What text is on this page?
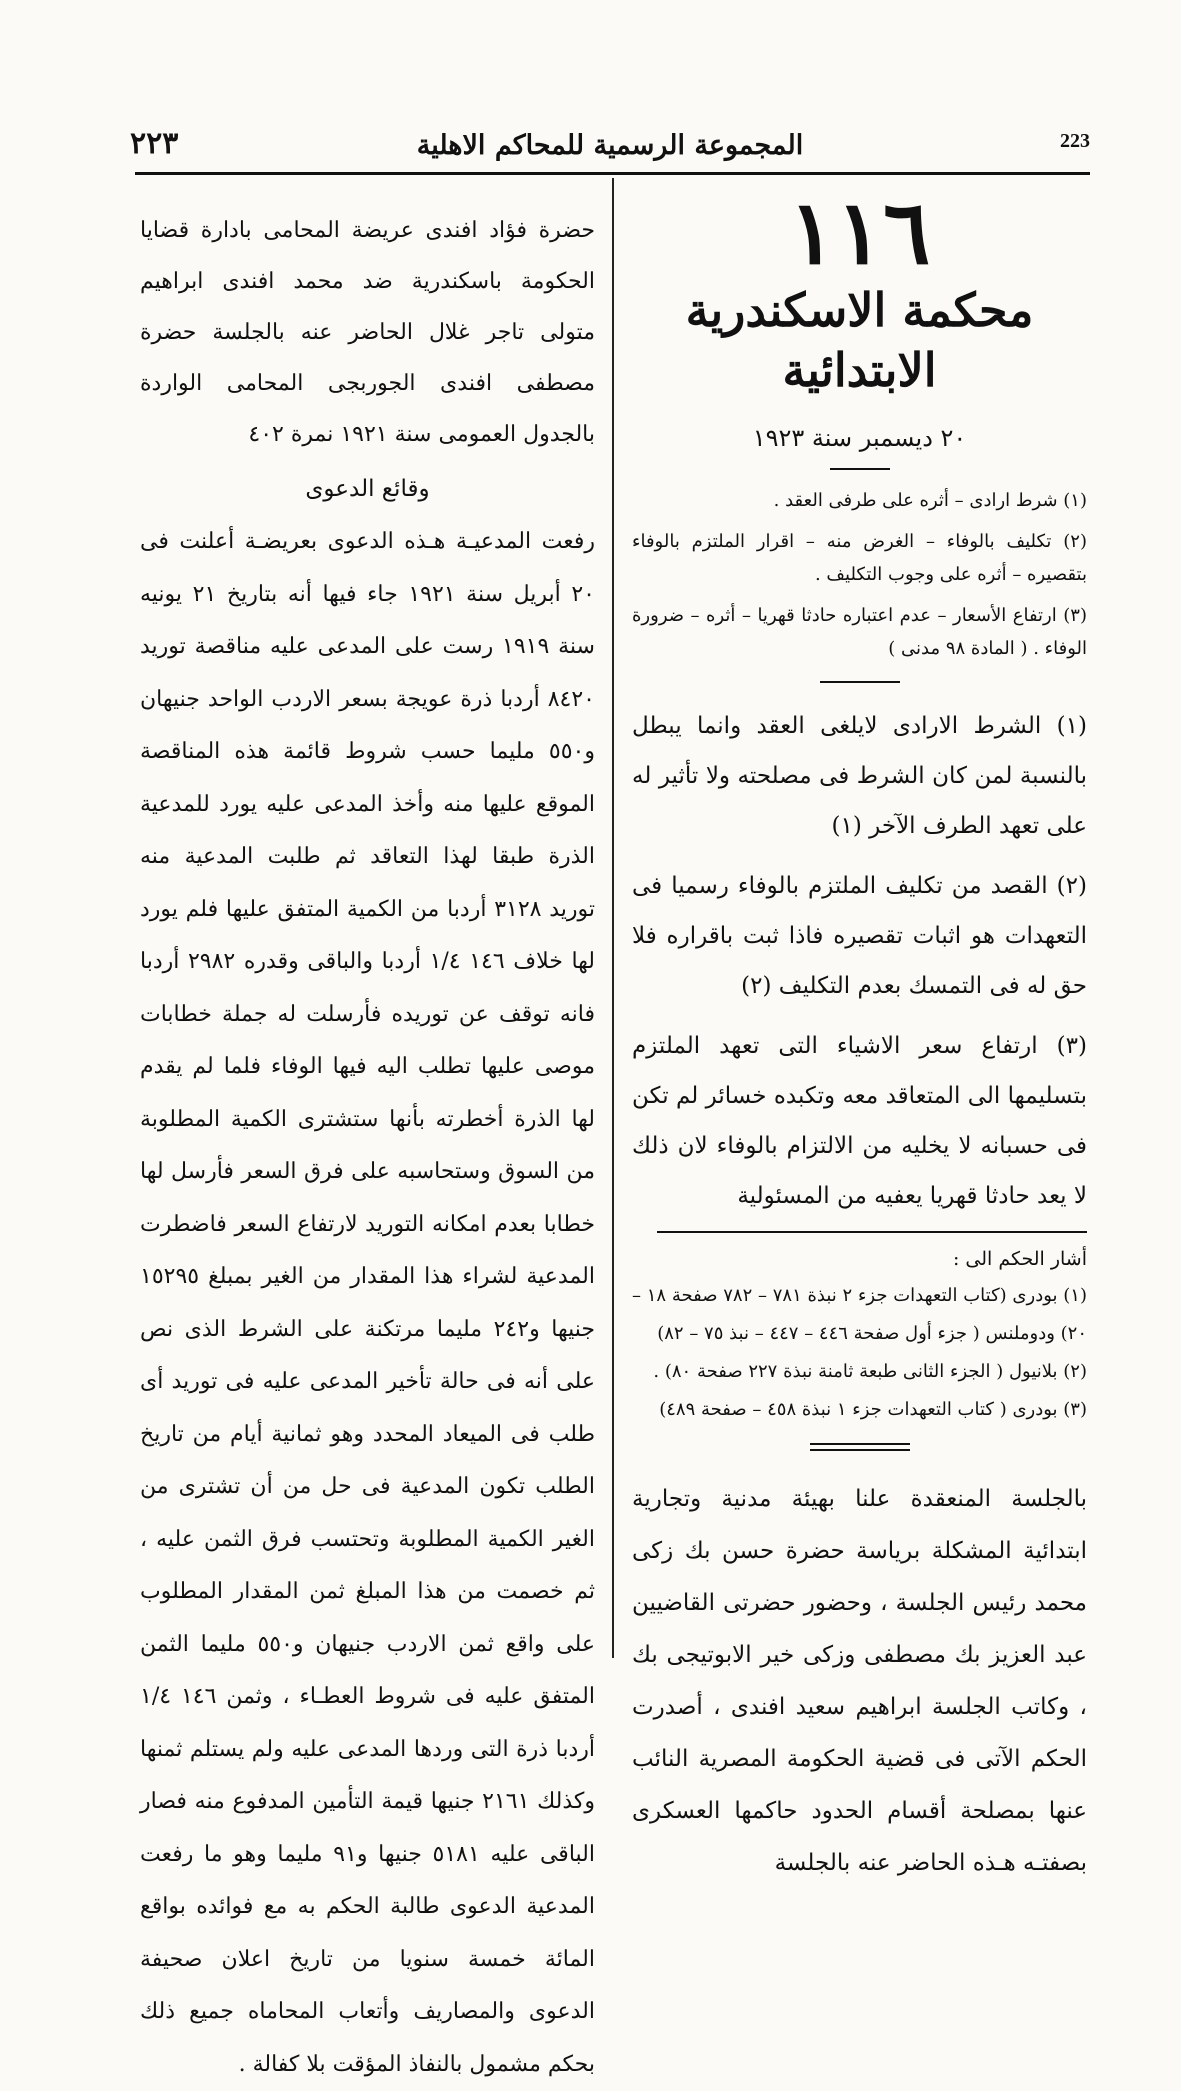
٢٢٣	المجموعة الرسمية للمحاكم الاهلية	223
١١٦
محكمة الاسكندرية الابتدائية
٢٠ ديسمبر سنة ١٩٢٣

(١) شرط ارادى – أثره على طرفى العقد .

(٢) تكليف بالوفاء – الغرض منه – اقرار الملتزم بالوفاء بتقصيره – أثره على وجوب التكليف .

(٣) ارتفاع الأسعار – عدم اعتباره حادثا قهريا – أثره – ضرورة الوفاء . ( المادة ٩٨ مدنى )

(١) الشرط الارادى لايلغى العقد وانما يبطل بالنسبة لمن كان الشرط فى مصلحته ولا تأثير له على تعهد الطرف الآخر (١)

(٢) القصد من تكليف الملتزم بالوفاء رسميا فى التعهدات هو اثبات تقصيره فاذا ثبت باقراره فلا حق له فى التمسك بعدم التكليف (٢)

(٣) ارتفاع سعر الاشياء التى تعهد الملتزم بتسليمها الى المتعاقد معه وتكبده خسائر لم تكن فى حسبانه لا يخليه من الالتزام بالوفاء لان ذلك لا يعد حادثا قهريا يعفيه من المسئولية

أشار الحكم الى :

(١) بودرى (كتاب التعهدات جزء ٢ نبذة ٧٨١ – ٧٨٢ صفحة ١٨ – ٢٠) ودوملنس ( جزء أول صفحة ٤٤٦ – ٤٤٧ – نبذ ٧٥ – ٨٢)

(٢) بلانيول ( الجزء الثانى طبعة ثامنة نبذة ٢٢٧ صفحة ٨٠) .

(٣) بودرى ( كتاب التعهدات جزء ١ نبذة ٤٥٨ – صفحة ٤٨٩)

بالجلسة المنعقدة علنا بهيئة مدنية وتجارية ابتدائية المشكلة برياسة حضرة حسن بك زكى محمد رئيس الجلسة ، وحضور حضرتى القاضيين عبد العزيز بك مصطفى وزكى خير الابوتيجى بك ، وكاتب الجلسة ابراهيم سعيد افندى ، أصدرت الحكم الآتى فى قضية الحكومة المصرية النائب عنها بمصلحة أقسام الحدود حاكمها العسكرى بصفتـه هـذه الحاضر عنه بالجلسة

حضرة فؤاد افندى عريضة المحامى بادارة قضايا الحكومة باسكندرية ضد محمد افندى ابراهيم متولى تاجر غلال الحاضر عنه بالجلسة حضرة مصطفى افندى الجوربجى المحامى الواردة بالجدول العمومى سنة ١٩٢١ نمرة ٤٠٢

وقائع الدعوى

رفعت المدعيـة هـذه الدعوى بعريضـة أعلنت فى ٢٠ أبريل سنة ١٩٢١ جاء فيها أنه بتاريخ ٢١ يونيه سنة ١٩١٩ رست على المدعى عليه مناقصة توريد ٨٤٢٠ أردبا ذرة عويجة بسعر الاردب الواحد جنيهان و٥٥٠ مليما حسب شروط قائمة هذه المناقصة الموقع عليها منه وأخذ المدعى عليه يورد للمدعية الذرة طبقا لهذا التعاقد ثم طلبت المدعية منه توريد ٣١٢٨ أردبا من الكمية المتفق عليها فلم يورد لها خلاف ١٤٦ ١/٤ أردبا والباقى وقدره ٢٩٨٢ أردبا فانه توقف عن توريده فأرسلت له جملة خطابات موصى عليها تطلب اليه فيها الوفاء فلما لم يقدم لها الذرة أخطرته بأنها ستشترى الكمية المطلوبة من السوق وستحاسبه على فرق السعر فأرسل لها خطابا بعدم امكانه التوريد لارتفاع السعر فاضطرت المدعية لشراء هذا المقدار من الغير بمبلغ ١٥٢٩٥ جنيها و٢٤٢ مليما مرتكنة على الشرط الذى نص على أنه فى حالة تأخير المدعى عليه فى توريد أى طلب فى الميعاد المحدد وهو ثمانية أيام من تاريخ الطلب تكون المدعية فى حل من أن تشترى من الغير الكمية المطلوبة وتحتسب فرق الثمن عليه ، ثم خصمت من هذا المبلغ ثمن المقدار المطلوب على واقع ثمن الاردب جنيهان و٥٥٠ مليما الثمن المتفق عليه فى شروط العطـاء ، وثمن ١٤٦ ١/٤ أردبا ذرة التى وردها المدعى عليه ولم يستلم ثمنها وكذلك ٢١٦١ جنيها قيمة التأمين المدفوع منه فصار الباقى عليه ٥١٨١ جنيها و٩١ مليما وهو ما رفعت المدعية الدعوى طالبة الحكم به مع فوائده بواقع المائة خمسة سنويا من تاريخ اعلان صحيفة الدعوى والمصاريف وأتعاب المحاماه جميع ذلك بحكم مشمول بالنفاذ المؤقت بلا كفالة .
